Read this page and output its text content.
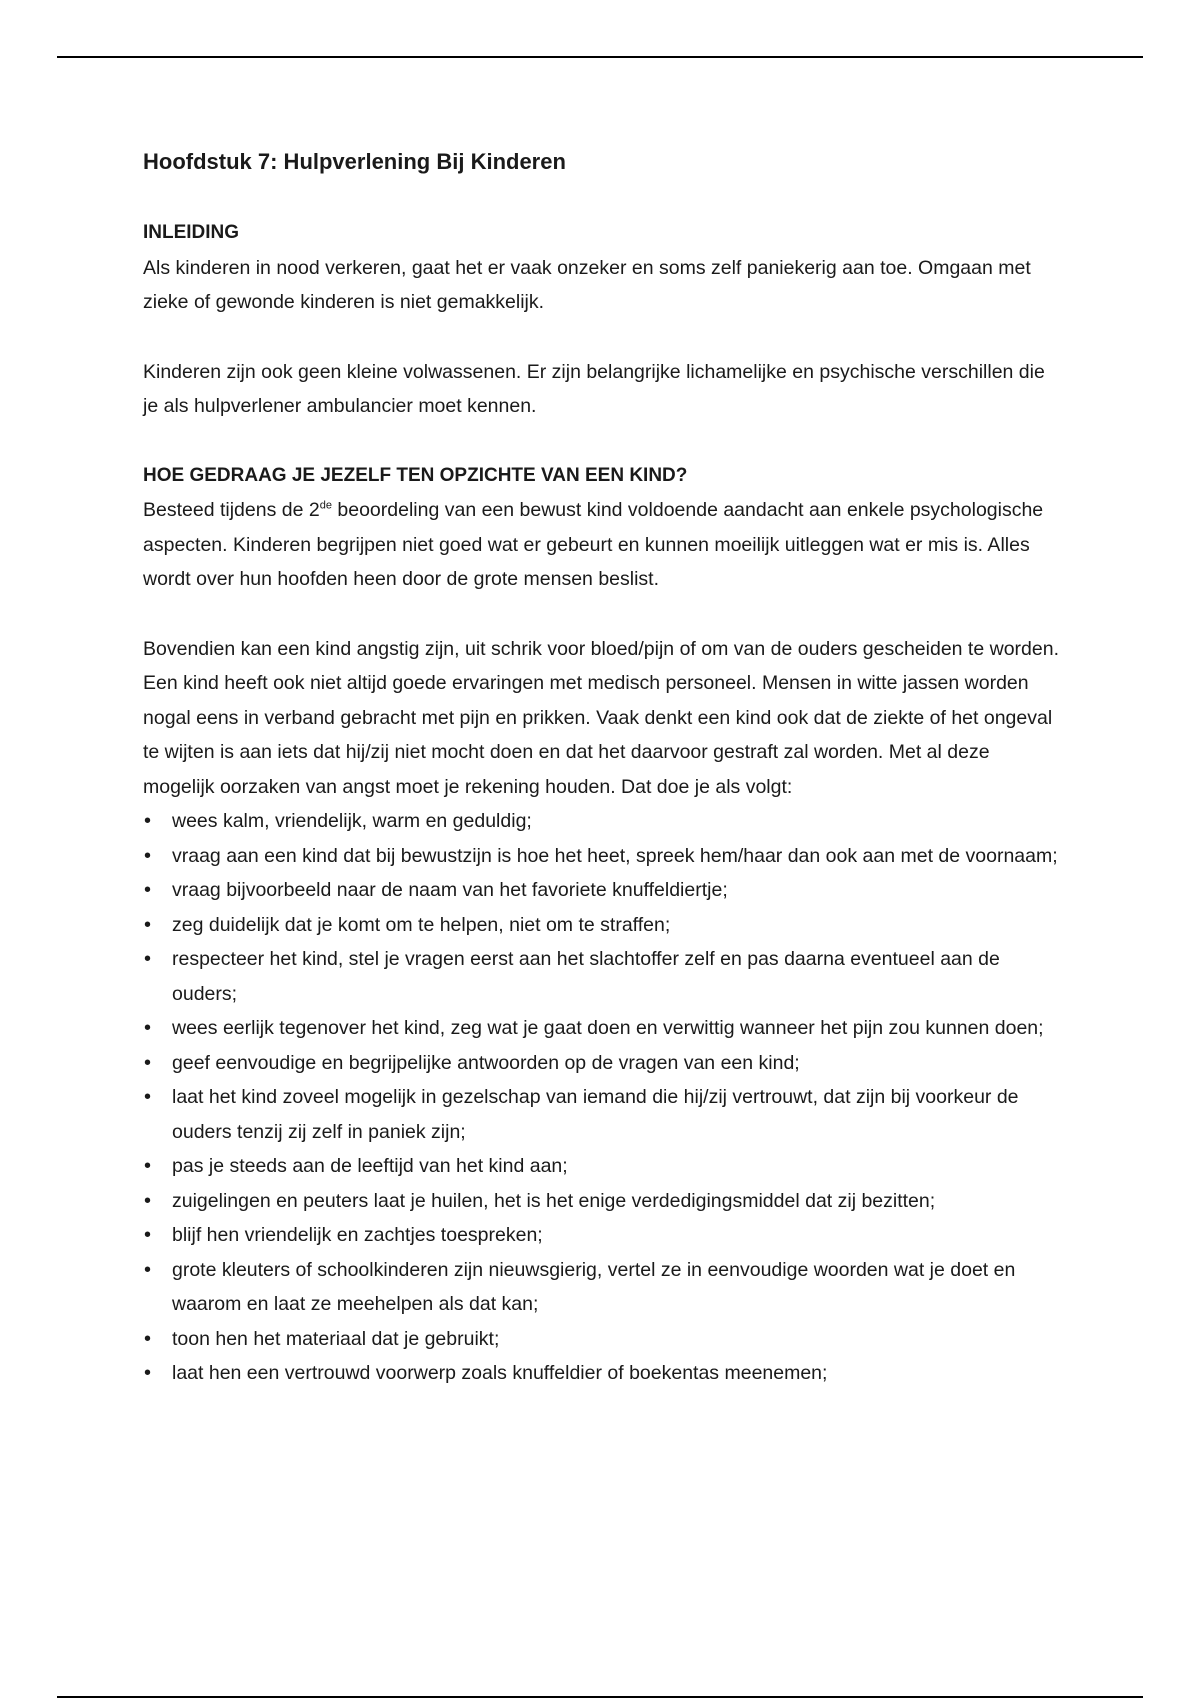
Hoofdstuk 7: Hulpverlening Bij Kinderen
INLEIDING

Als kinderen in nood verkeren, gaat het er vaak onzeker en soms zelf paniekerig aan toe. Omgaan met zieke of gewonde kinderen is niet gemakkelijk.

Kinderen zijn ook geen kleine volwassenen. Er zijn belangrijke lichamelijke en psychische verschillen die je als hulpverlener ambulancier moet kennen.

HOE GEDRAAG JE JEZELF TEN OPZICHTE VAN EEN KIND?

Besteed tijdens de 2de beoordeling van een bewust kind voldoende aandacht aan enkele psychologische aspecten. Kinderen begrijpen niet goed wat er gebeurt en kunnen moeilijk uitleggen wat er mis is. Alles wordt over hun hoofden heen door de grote mensen beslist.

Bovendien kan een kind angstig zijn, uit schrik voor bloed/pijn of om van de ouders gescheiden te worden. Een kind heeft ook niet altijd goede ervaringen met medisch personeel. Mensen in witte jassen worden nogal eens in verband gebracht met pijn en prikken. Vaak denkt een kind ook dat de ziekte of het ongeval te wijten is aan iets dat hij/zij niet mocht doen en dat het daarvoor gestraft zal worden. Met al deze mogelijk oorzaken van angst moet je rekening houden. Dat doe je als volgt:

• wees kalm, vriendelijk, warm en geduldig;
• vraag aan een kind dat bij bewustzijn is hoe het heet, spreek hem/haar dan ook aan met de voornaam;
• vraag bijvoorbeeld naar de naam van het favoriete knuffeldiertje;
• zeg duidelijk dat je komt om te helpen, niet om te straffen;
• respecteer het kind, stel je vragen eerst aan het slachtoffer zelf en pas daarna eventueel aan de ouders;
• wees eerlijk tegenover het kind, zeg wat je gaat doen en verwittig wanneer het pijn zou kunnen doen;
• geef eenvoudige en begrijpelijke antwoorden op de vragen van een kind;
• laat het kind zoveel mogelijk in gezelschap van iemand die hij/zij vertrouwt, dat zijn bij voorkeur de ouders tenzij zij zelf in paniek zijn;
• pas je steeds aan de leeftijd van het kind aan;
• zuigelingen en peuters laat je huilen, het is het enige verdedigingsmiddel dat zij bezitten;
• blijf hen vriendelijk en zachtjes toespreken;
• grote kleuters of schoolkinderen zijn nieuwsgierig, vertel ze in eenvoudige woorden wat je doet en waarom en laat ze meehelpen als dat kan;
• toon hen het materiaal dat je gebruikt;
• laat hen een vertrouwd voorwerp zoals knuffeldier of boekentas meenemen;
